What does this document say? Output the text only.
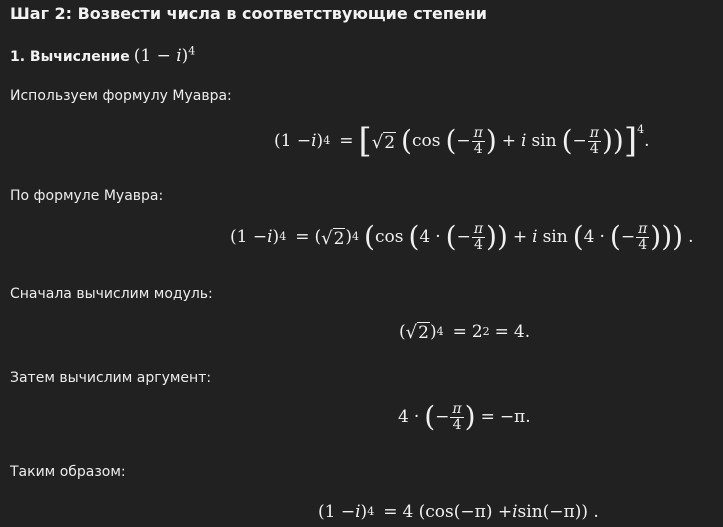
Шаг 2: Возвести числа в соответствующие степени
1. Вычисление $(1 - i)^4$
Используем формулу Муавра:
(1 − i ) 4 = [ √ 2 ( cos ( − $\frac{\pi}{4}$ ) + i sin ( − $\frac{\pi}{4}$ ) ) ] 4
.
По формуле Муавра:
(1 − i ) 4 = ( √ 2 ) 4 ( cos ( 4 · ( − $\frac{\pi}{4}$ ) ) + i sin ( 4 · ( − $\frac{\pi}{4}$ ) ) ) .
Сначала вычислим модуль:
( √ 2 ) 4 = 2 2 = 4.
Затем вычислим аргумент:
4 · ( − $\frac{\pi}{4}$ ) = −π.
Таким образом:
(1 − i ) 4 = 4 (cos(−π) + i sin(−π)) .
